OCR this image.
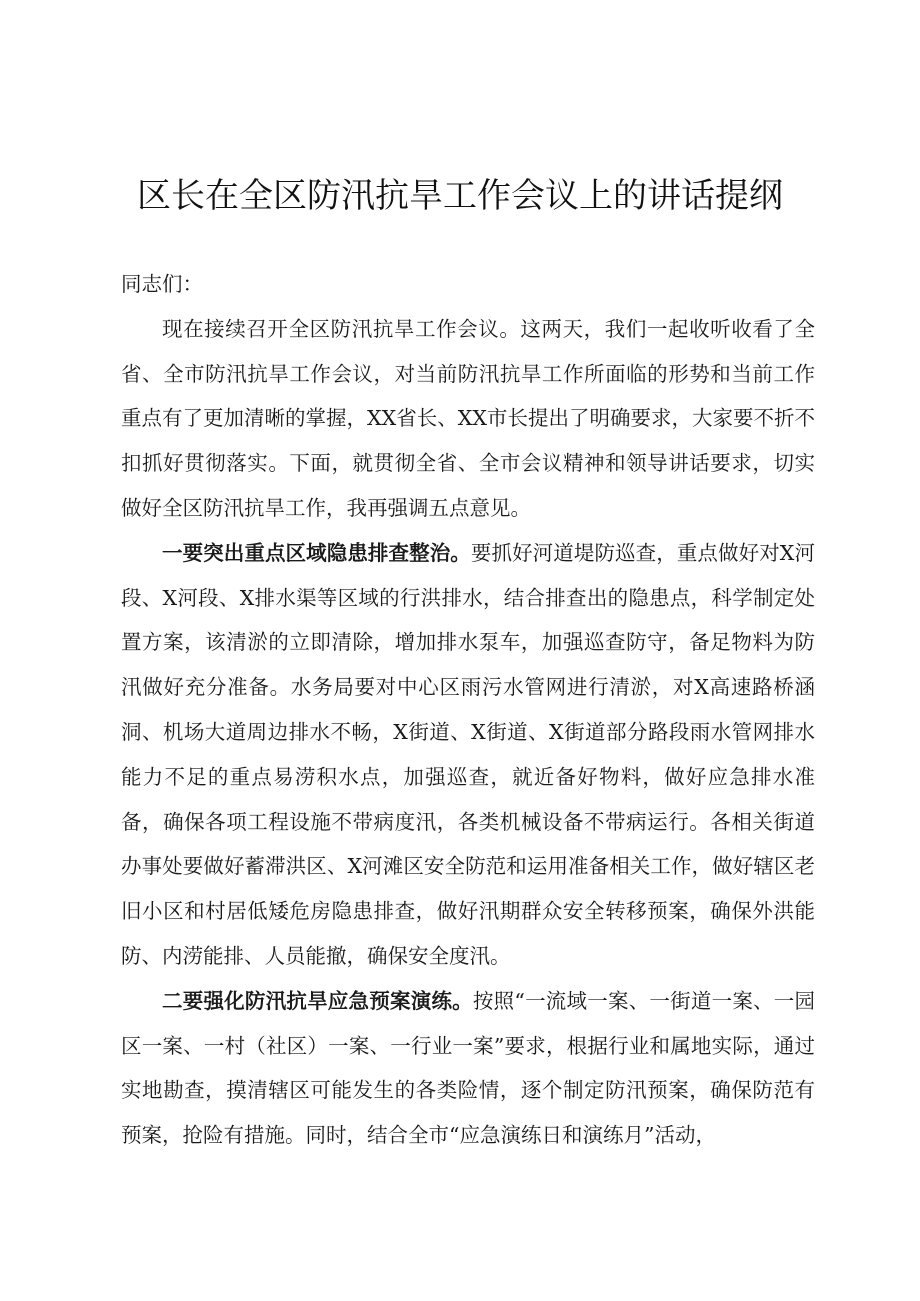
区长在全区防汛抗旱工作会议上的讲话提纲

同志们：

现在接续召开全区防汛抗旱工作会议。这两天，我们一起收听收看了全省、全市防汛抗旱工作会议，对当前防汛抗旱工作所面临的形势和当前工作重点有了更加清晰的掌握，XX省长、XX市长提出了明确要求，大家要不折不扣抓好贯彻落实。下面，就贯彻全省、全市会议精神和领导讲话要求，切实做好全区防汛抗旱工作，我再强调五点意见。

一要突出重点区域隐患排查整治。要抓好河道堤防巡查，重点做好对X河段、X河段、X排水渠等区域的行洪排水，结合排查出的隐患点，科学制定处置方案，该清淤的立即清除，增加排水泵车，加强巡查防守，备足物料为防汛做好充分准备。水务局要对中心区雨污水管网进行清淤，对X高速路桥涵洞、机场大道周边排水不畅，X街道、X街道、X街道部分路段雨水管网排水能力不足的重点易涝积水点，加强巡查，就近备好物料，做好应急排水准备，确保各项工程设施不带病度汛，各类机械设备不带病运行。各相关街道办事处要做好蓄滞洪区、X河滩区安全防范和运用准备相关工作，做好辖区老旧小区和村居低矮危房隐患排查，做好汛期群众安全转移预案，确保外洪能防、内涝能排、人员能撤，确保安全度汛。

二要强化防汛抗旱应急预案演练。按照“一流域一案、一街道一案、一园区一案、一村（社区）一案、一行业一案”要求，根据行业和属地实际，通过实地勘查，摸清辖区可能发生的各类险情，逐个制定防汛预案，确保防范有预案，抢险有措施。同时，结合全市“应急演练日和演练月”活动，
